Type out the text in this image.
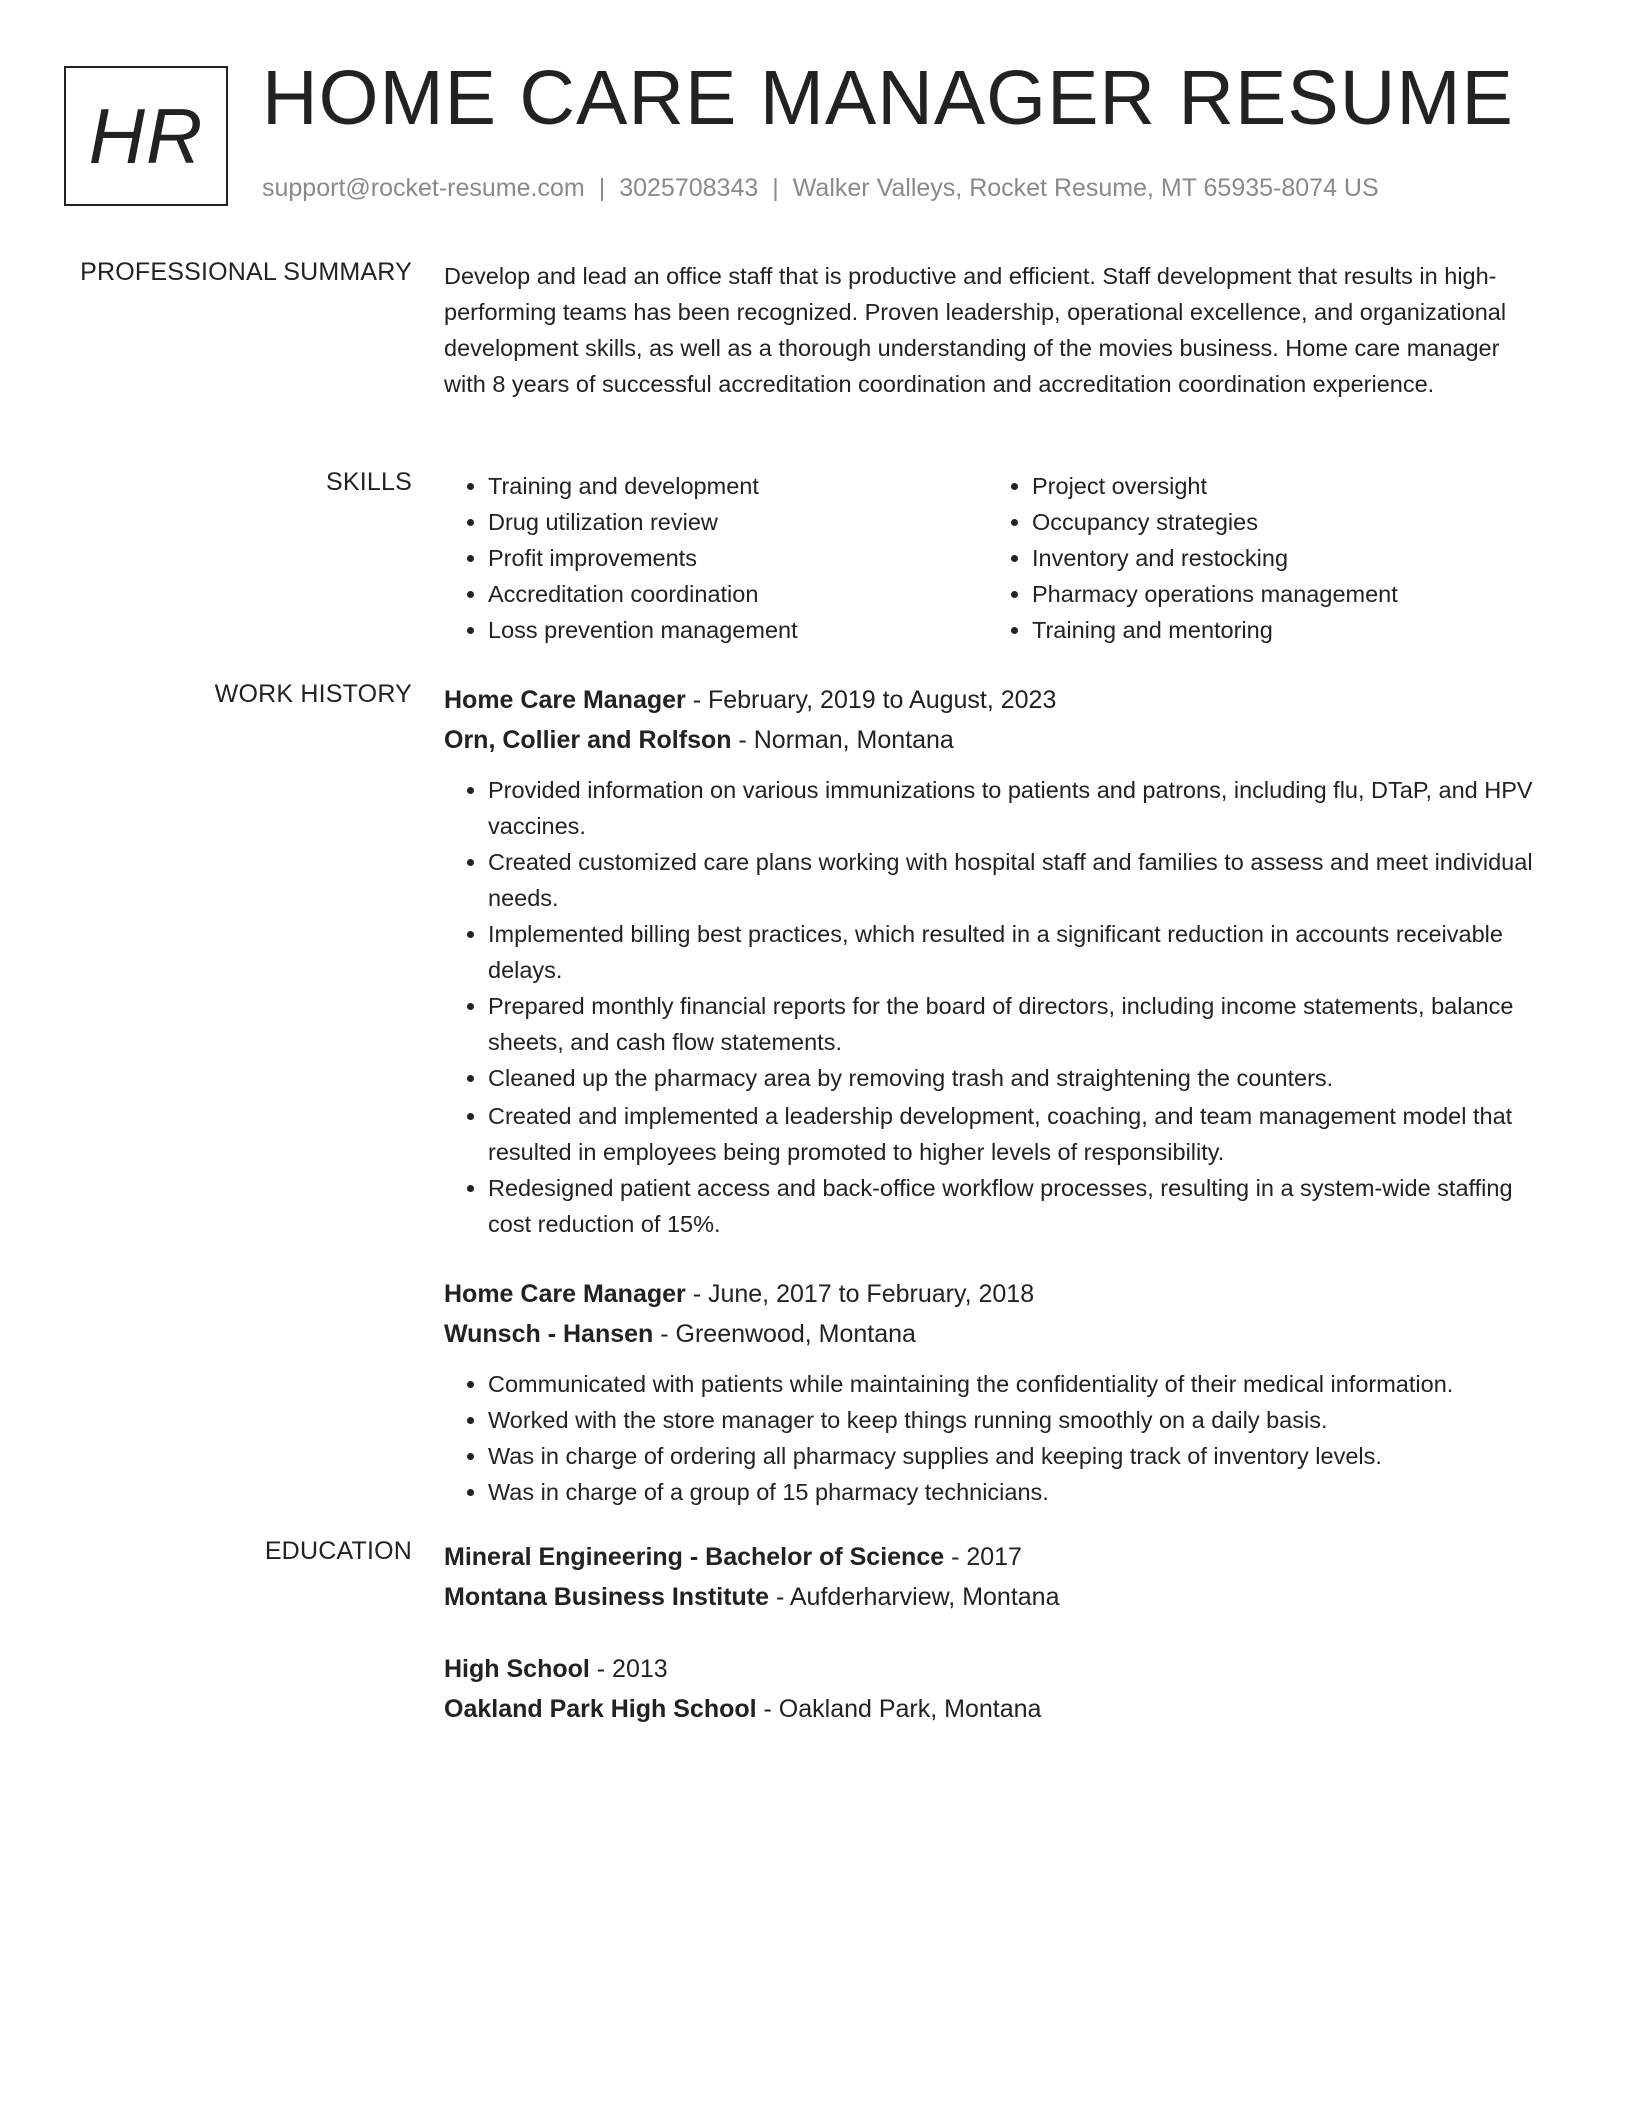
HR HOME CARE MANAGER RESUME
support@rocket-resume.com | 3025708343 | Walker Valleys, Rocket Resume, MT 65935-8074 US
PROFESSIONAL SUMMARY Develop and lead an office staff that is productive and efficient. Staff development that results in high-performing teams has been recognized. Proven leadership, operational excellence, and organizational development skills, as well as a thorough understanding of the movies business. Home care manager with 8 years of successful accreditation coordination and accreditation coordination experience.
SKILLS
•	Training and development
• Drug utilization review
• Profit improvements
• Accreditation coordination
• Loss prevention management
• Project oversight
• Occupancy strategies
• Inventory and restocking
• Pharmacy operations management
• Training and mentoring
WORK HISTORY Home Care Manager - February, 2019 to August, 2023
Orn, Collier and Rolfson - Norman, Montana
• Provided information on various immunizations to patients and patrons, including flu, DTaP, and HPV vaccines.
• Created customized care plans working with hospital staff and families to assess and meet individual needs.
• Implemented billing best practices, which resulted in a significant reduction in accounts receivable delays.
• Prepared monthly financial reports for the board of directors, including income statements, balance sheets, and cash flow statements.
• Cleaned up the pharmacy area by removing trash and straightening the counters.
• Created and implemented a leadership development, coaching, and team management model that resulted in employees being promoted to higher levels of responsibility.
• Redesigned patient access and back-office workflow processes, resulting in a system-wide staffing cost reduction of 15%.
Home Care Manager - June, 2017 to February, 2018
Wunsch - Hansen - Greenwood, Montana
• Communicated with patients while maintaining the confidentiality of their medical information.
• Worked with the store manager to keep things running smoothly on a daily basis.
• Was in charge of ordering all pharmacy supplies and keeping track of inventory levels.
• Was in charge of a group of 15 pharmacy technicians.
EDUCATION Mineral Engineering - Bachelor of Science - 2017
Montana Business Institute - Aufderharview, Montana
High School - 2013
Oakland Park High School - Oakland Park, Montana
